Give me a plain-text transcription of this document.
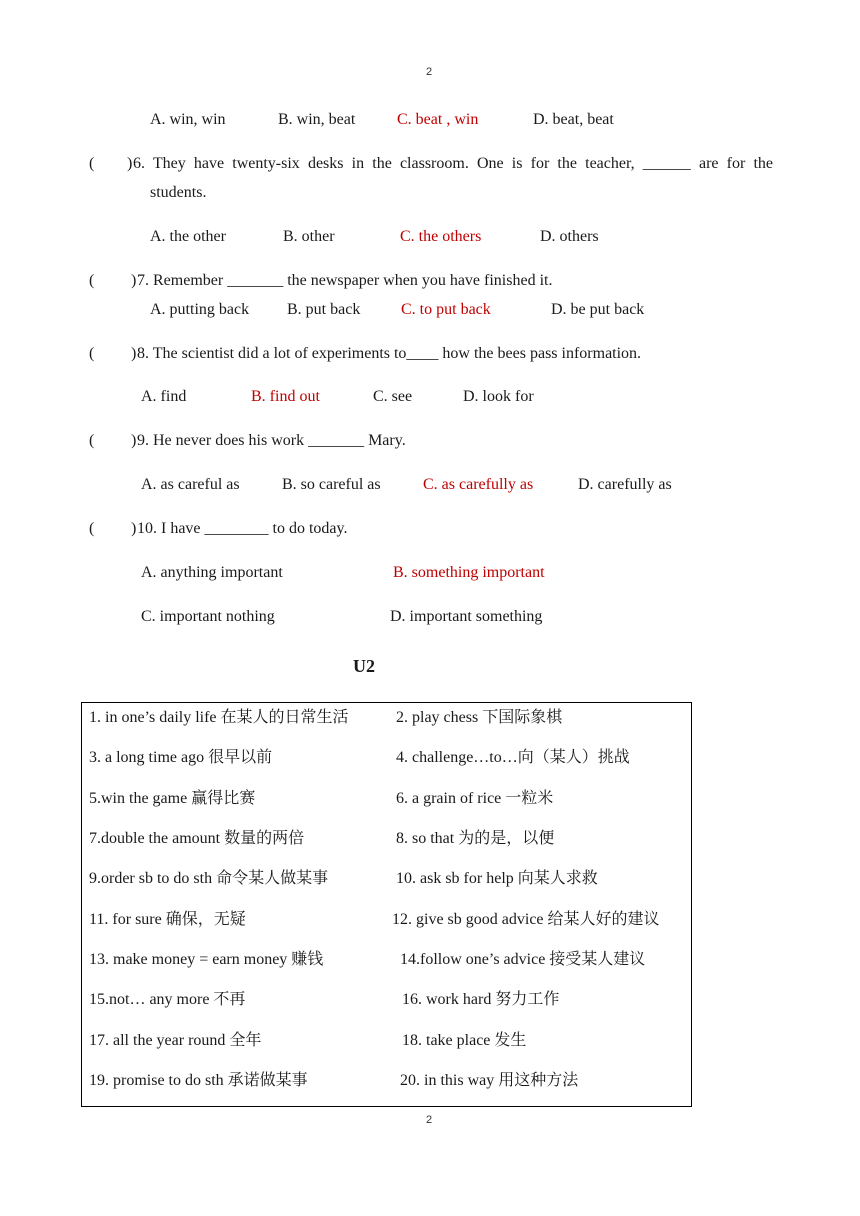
2
A. win, win	B. win, beat	C. beat , win	D. beat, beat
( ) 6. They have twenty-six desks in the classroom. One is for the teacher, ______ are for the
students.
A. the other	B. other	C. the others	D. others
( ) 7. Remember _______ the newspaper when you have finished it.
A. putting back B. put back	C. to put back	D. be put back
( ) 8. The scientist did a lot of experiments to____ how the bees pass information.
A. find	B. find out	C. see	D. look for
( ) 9. He never does his work _______ Mary.
A. as careful as	B. so careful as	C. as carefully as	D. carefully as
( ) 10. I have ________ to do today.
A. anything important	B. something important
C. important nothing	D. important something
U2
1. in one’s daily life 在某人的日常生活	2. play chess 下国际象棋
3. a long time ago 很早以前	4. challenge…to…向（某人）挑战
5.win the game 赢得比赛	6. a grain of rice 一粒米
7.double the amount 数量的两倍	8. so that 为的是，以便
9.order sb to do sth 命令某人做某事	10. ask sb for help 向某人求救
11. for sure 确保，无疑	12. give sb good advice 给某人好的建议
13. make money = earn money 赚钱	14.follow one’s advice 接受某人建议
15.not… any more 不再	16. work hard 努力工作
17. all the year round 全年	18. take place 发生
19. promise to do sth 承诺做某事	20. in this way 用这种方法
2
